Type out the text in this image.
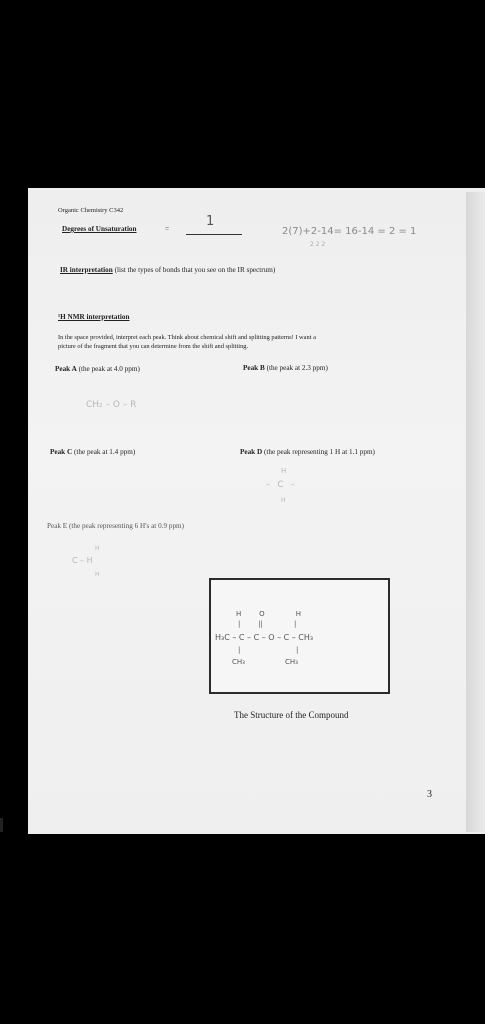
Organic Chemistry C342
Degrees of Unsaturation	=	1
2(7)+2-14= 16-14 = 2 = 1
2 2 2
IR interpretation (list the types of bonds that you see on the IR spectrum)
¹H NMR interpretation
In the space provided, interpret each peak. Think about chemical shift and splitting patterns! I want a
picture of the fragment that you can determine from the shift and splitting.
Peak A (the peak at 4.0 ppm)	Peak B (the peak at 2.3 ppm)
CH₂ – O – R
Peak C (the peak at 1.4 ppm)	Peak D (the peak representing 1 H at 1.1 ppm)
H
– C –
H
Peak E (the peak representing 6 H's at 0.9 ppm)
H
C – H
H
H        O              H
|        ||              |
H₃C – C – C – O – C – CH₃
|                         |
CH₃                  CH₃
The Structure of the Compound
3
